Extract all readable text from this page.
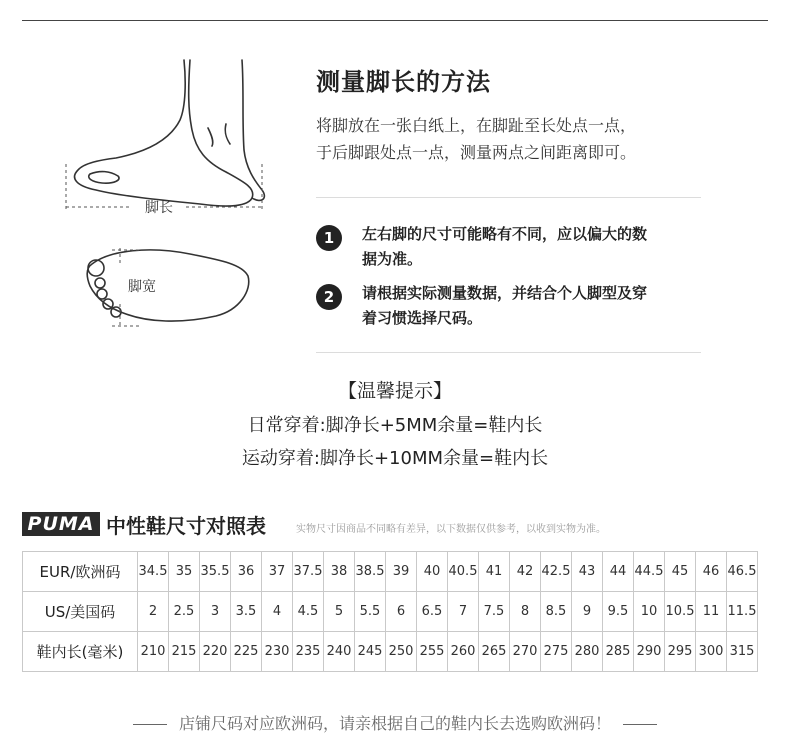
脚长
脚宽
测量脚长的方法
将脚放在一张白纸上，在脚趾至长处点一点，
于后脚跟处点一点，测量两点之间距离即可。
1	左右脚的尺寸可能略有不同，应以偏大的数
据为准。
2	请根据实际测量数据，并结合个人脚型及穿
着习惯选择尺码。
【温馨提示】
日常穿着:脚净长+5MM余量=鞋内长
运动穿着:脚净长+10MM余量=鞋内长
PUMA 中性鞋尺寸对照表	实物尺寸因商品不同略有差异，以下数据仅供参考，以收到实物为准。
EUR/欧洲码	34.5	35	35.5	36	37	37.5	38	38.5	39	40	40.5	41	42	42.5	43	44	44.5	45	46	46.5
US/美国码	2	2.5	3	3.5	4	4.5	5	5.5	6	6.5	7	7.5	8	8.5	9	9.5	10	10.5	11	11.5
鞋内长(毫米)	210	215	220	225	230	235	240	245	250	255	260	265	270	275	280	285	290	295	300	315
店铺尺码对应欧洲码，请亲根据自己的鞋内长去选购欧洲码！
